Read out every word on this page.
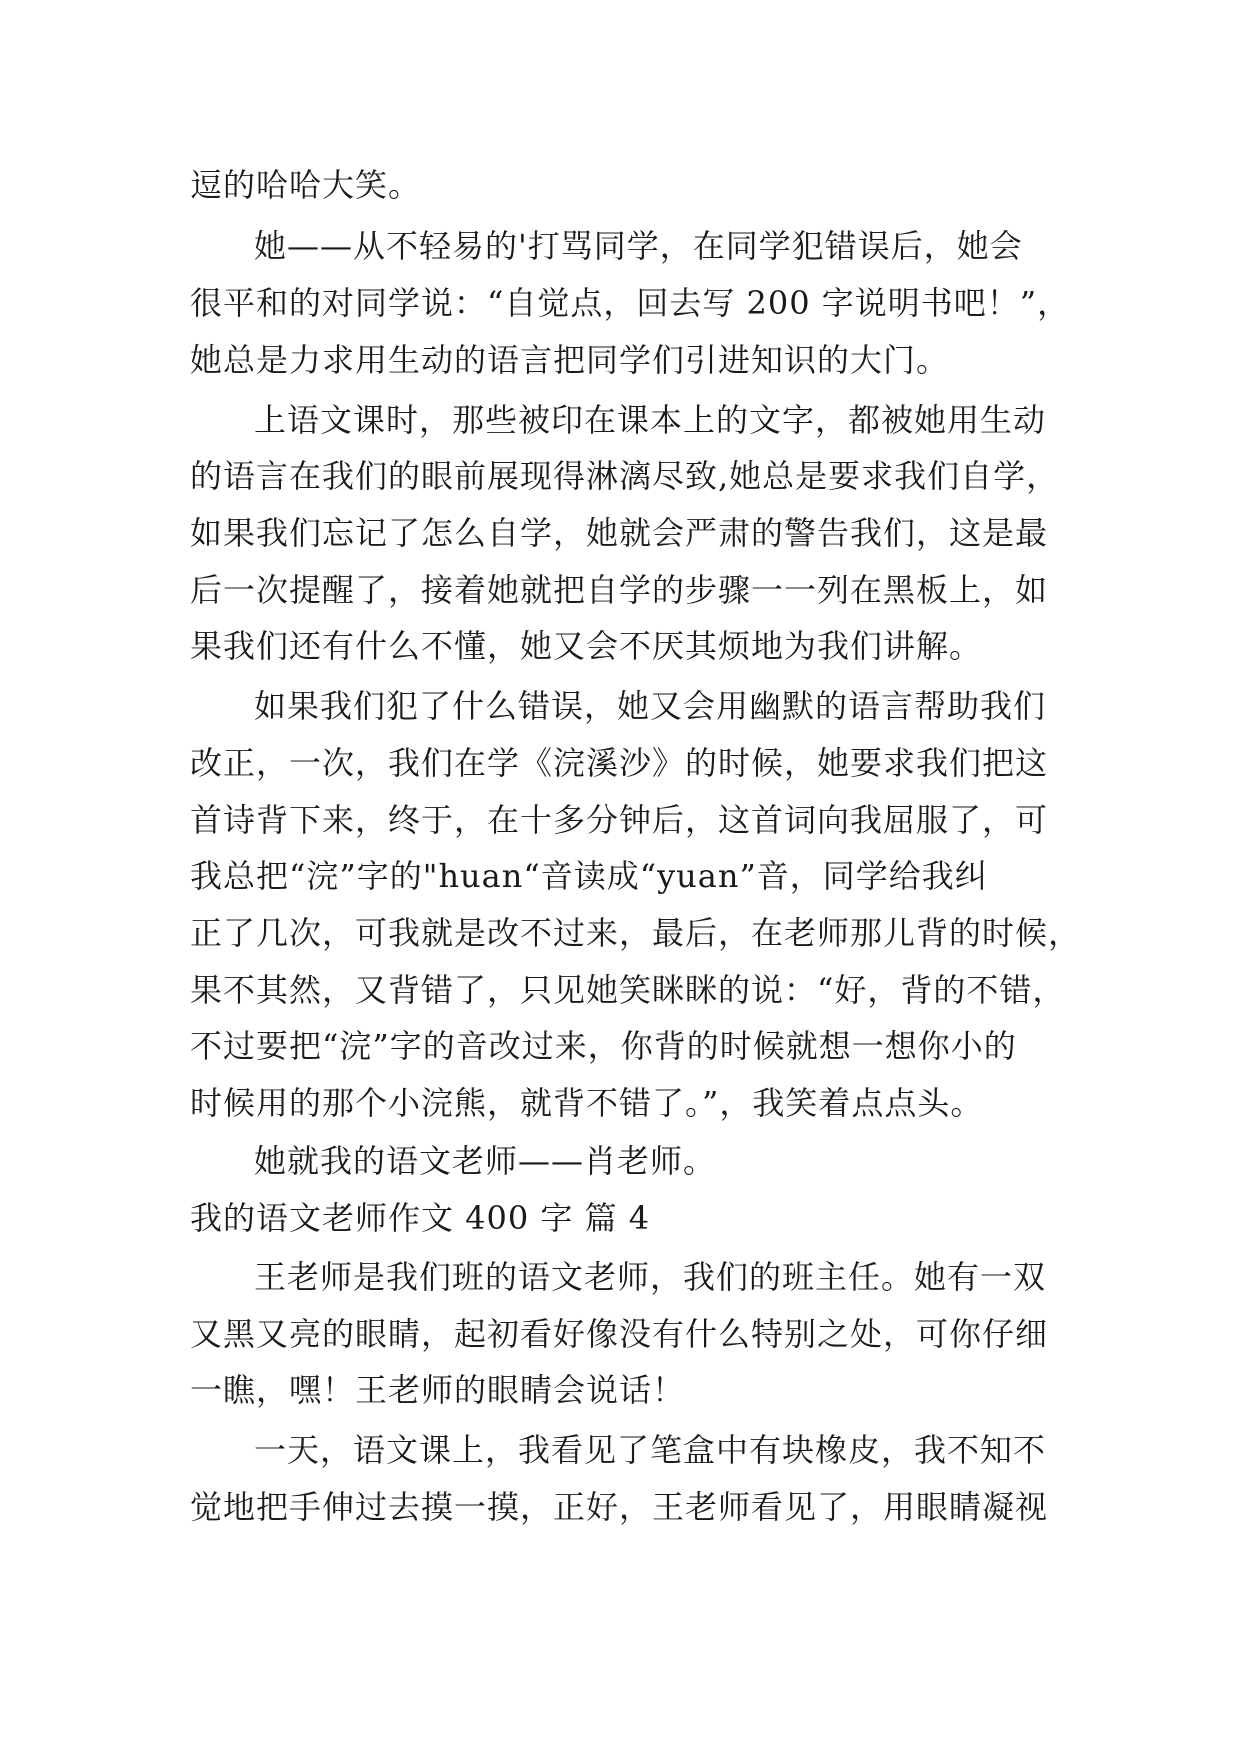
逗的哈哈大笑。
她——从不轻易的'打骂同学，在同学犯错误后，她会
很平和的对同学说：“自觉点，回去写 200 字说明书吧！”，
她总是力求用生动的语言把同学们引进知识的大门。
上语文课时，那些被印在课本上的文字，都被她用生动
的语言在我们的眼前展现得淋漓尽致,她总是要求我们自学，
如果我们忘记了怎么自学，她就会严肃的警告我们，这是最
后一次提醒了，接着她就把自学的步骤一一列在黑板上，如
果我们还有什么不懂，她又会不厌其烦地为我们讲解。
如果我们犯了什么错误，她又会用幽默的语言帮助我们
改正，一次，我们在学《浣溪沙》的时候，她要求我们把这
首诗背下来，终于，在十多分钟后，这首词向我屈服了，可
我总把“浣”字的"huan“音读成“yuan”音，同学给我纠
正了几次，可我就是改不过来，最后，在老师那儿背的时候，
果不其然，又背错了，只见她笑眯眯的说：“好，背的不错，
不过要把“浣”字的音改过来，你背的时候就想一想你小的
时候用的那个小浣熊，就背不错了。”，我笑着点点头。
她就我的语文老师——肖老师。
我的语文老师作文 400 字 篇 4
王老师是我们班的语文老师，我们的班主任。她有一双
又黑又亮的眼睛，起初看好像没有什么特别之处，可你仔细
一瞧，嘿！王老师的眼睛会说话！
一天，语文课上，我看见了笔盒中有块橡皮，我不知不
觉地把手伸过去摸一摸，正好，王老师看见了，用眼睛凝视
